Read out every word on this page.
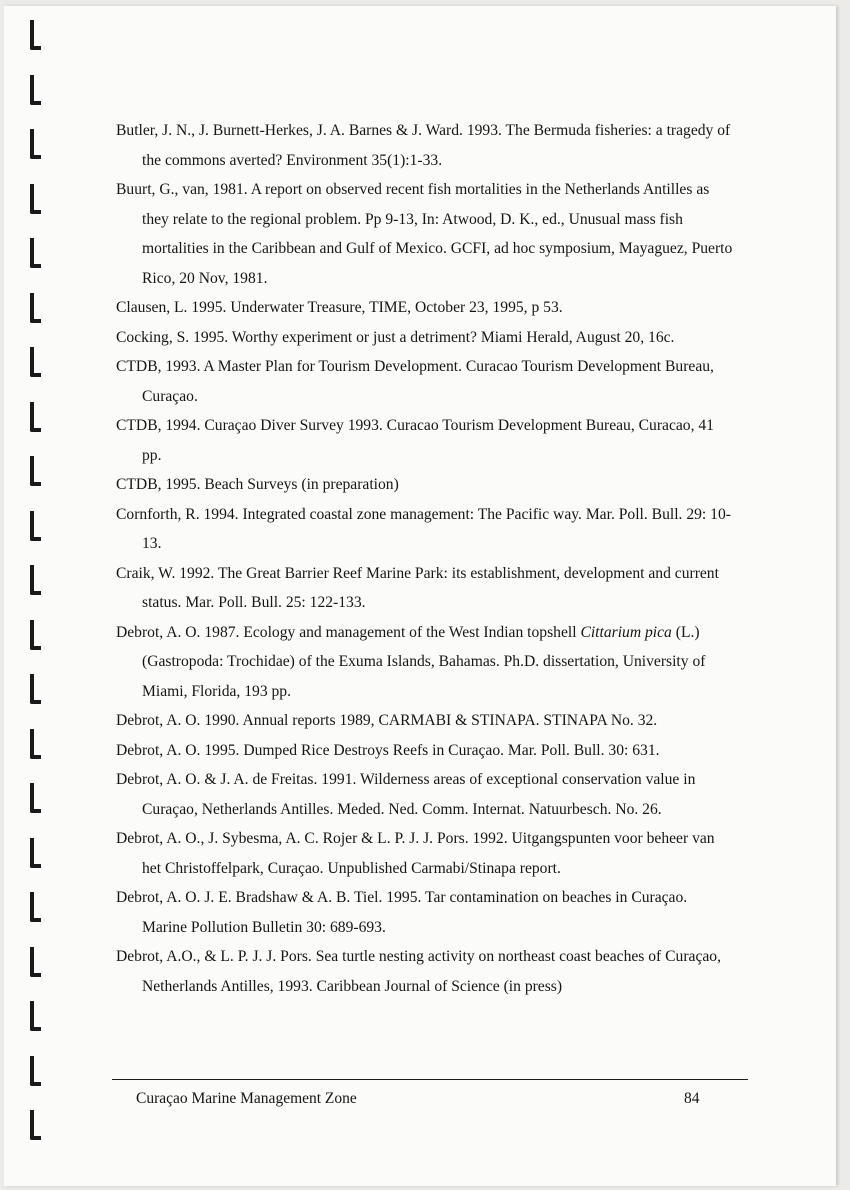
Butler, J. N., J. Burnett-Herkes, J. A. Barnes & J. Ward. 1993. The Bermuda fisheries: a tragedy of the commons averted? Environment 35(1):1-33.

Buurt, G., van, 1981. A report on observed recent fish mortalities in the Netherlands Antilles as they relate to the regional problem. Pp 9-13, In: Atwood, D. K., ed., Unusual mass fish mortalities in the Caribbean and Gulf of Mexico. GCFI, ad hoc symposium, Mayaguez, Puerto Rico, 20 Nov, 1981.

Clausen, L. 1995. Underwater Treasure, TIME, October 23, 1995, p 53.

Cocking, S. 1995. Worthy experiment or just a detriment? Miami Herald, August 20, 16c.

CTDB, 1993. A Master Plan for Tourism Development. Curacao Tourism Development Bureau, Curaçao.

CTDB, 1994. Curaçao Diver Survey 1993. Curacao Tourism Development Bureau, Curacao, 41 pp.

CTDB, 1995. Beach Surveys (in preparation)

Cornforth, R. 1994. Integrated coastal zone management: The Pacific way. Mar. Poll. Bull. 29: 10-13.

Craik, W. 1992. The Great Barrier Reef Marine Park: its establishment, development and current status. Mar. Poll. Bull. 25: 122-133.

Debrot, A. O. 1987. Ecology and management of the West Indian topshell Cittarium pica (L.) (Gastropoda: Trochidae) of the Exuma Islands, Bahamas. Ph.D. dissertation, University of Miami, Florida, 193 pp.

Debrot, A. O. 1990. Annual reports 1989, CARMABI & STINAPA. STINAPA No. 32.

Debrot, A. O. 1995. Dumped Rice Destroys Reefs in Curaçao. Mar. Poll. Bull. 30: 631.

Debrot, A. O. & J. A. de Freitas. 1991. Wilderness areas of exceptional conservation value in Curaçao, Netherlands Antilles. Meded. Ned. Comm. Internat. Natuurbesch. No. 26.

Debrot, A. O., J. Sybesma, A. C. Rojer & L. P. J. J. Pors. 1992. Uitgangspunten voor beheer van het Christoffelpark, Curaçao. Unpublished Carmabi/Stinapa report.

Debrot, A. O. J. E. Bradshaw & A. B. Tiel. 1995. Tar contamination on beaches in Curaçao. Marine Pollution Bulletin 30: 689-693.

Debrot, A.O., & L. P. J. J. Pors. Sea turtle nesting activity on northeast coast beaches of Curaçao, Netherlands Antilles, 1993. Caribbean Journal of Science (in press)

Curaçao Marine Management Zone	84
